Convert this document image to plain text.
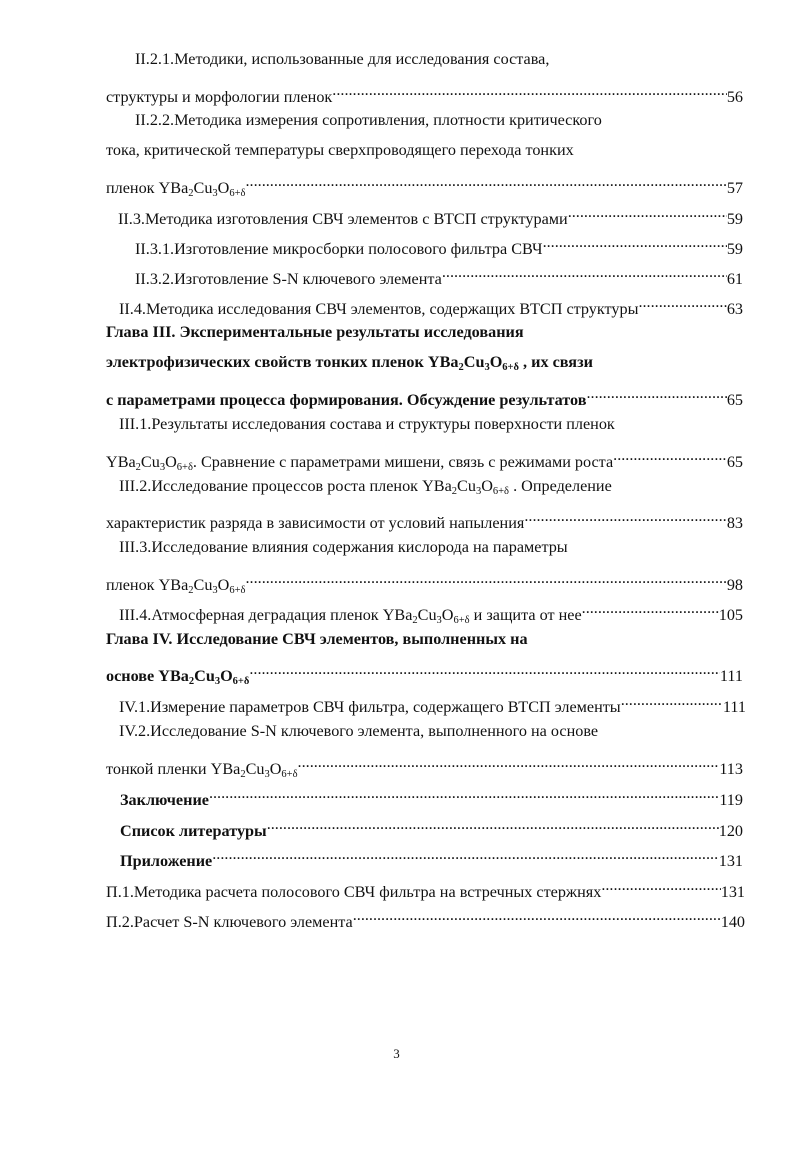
II.2.1.Методики, использованные для исследования состава,
структуры и морфологии пленок .....	56
II.2.2.Методика измерения сопротивления, плотности критического
тока, критической температуры сверхпроводящего перехода тонких
пленок $YBa_2Cu_3O_{6+\delta}$ .....	57
II.3.Методика изготовления СВЧ элементов с ВТСП структурами .....	59
II.3.1.Изготовление микросборки полосового фильтра СВЧ .....	59
II.3.2.Изготовление S-N ключевого элемента .....	61
II.4.Методика исследования СВЧ элементов, содержащих ВТСП структуры .....	63
Глава III. Экспериментальные результаты исследования
электрофизических свойств тонких пленок $YBa_2Cu_3O_{6+\delta}$ , их связи
с параметрами процесса формирования. Обсуждение результатов .....	65
III.1.Результаты исследования состава и структуры поверхности пленок
$YBa_2Cu_3O_{6+\delta}$. Сравнение с параметрами мишени, связь с режимами роста .....	65
III.2.Исследование процессов роста пленок $YBa_2Cu_3O_{6+\delta}$ . Определение
характеристик разряда в зависимости от условий напыления .....	83
III.3.Исследование влияния содержания кислорода на параметры
пленок $YBa_2Cu_3O_{6+\delta}$ .....	98
III.4.Атмосферная деградация пленок $YBa_2Cu_3O_{6+\delta}$ и защита от нее .....	105
Глава IV. Исследование СВЧ элементов, выполненных на
основе $YBa_2Cu_3O_{6+\delta}$ .....	111
IV.1.Измерение параметров СВЧ фильтра, содержащего ВТСП элементы .....	111
IV.2.Исследование S-N ключевого элемента, выполненного на основе
тонкой пленки $YBa_2Cu_3O_{6+\delta}$ .....	113
Заключение .....	119
Список литературы .....	120
Приложение .....	131
П.1.Методика расчета полосового СВЧ фильтра на встречных стержнях .....	131
П.2.Расчет S-N ключевого элемента .....	140
3
